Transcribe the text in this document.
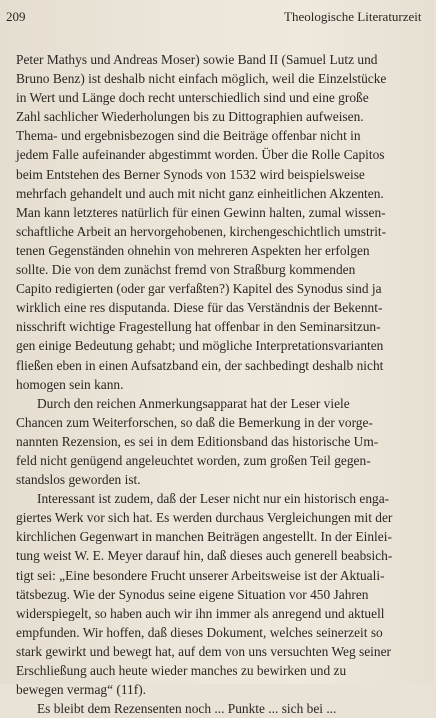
209	Theologische Literaturzeit
Peter Mathys und Andreas Moser) sowie Band II (Samuel Lutz und
Bruno Benz) ist deshalb nicht einfach möglich, weil die Einzelstücke
in Wert und Länge doch recht unterschiedlich sind und eine große
Zahl sachlicher Wiederholungen bis zu Dittographien aufweisen.
Thema- und ergebnisbezogen sind die Beiträge offenbar nicht in
jedem Falle aufeinander abgestimmt worden. Über die Rolle Capitos
beim Entstehen des Berner Synods von 1532 wird beispielsweise
mehrfach gehandelt und auch mit nicht ganz einheitlichen Akzenten.
Man kann letzteres natürlich für einen Gewinn halten, zumal wissen-
schaftliche Arbeit an hervorgehobenen, kirchengeschichtlich umstrit-
tenen Gegenständen ohnehin von mehreren Aspekten her erfolgen
sollte. Die von dem zunächst fremd von Straßburg kommenden
Capito redigierten (oder gar verfaßten?) Kapitel des Synodus sind ja
wirklich eine res disputanda. Diese für das Verständnis der Bekennt-
nisschrift wichtige Fragestellung hat offenbar in den Seminarsitzun-
gen einige Bedeutung gehabt; und mögliche Interpretationsvarianten
fließen eben in einen Aufsatzband ein, der sachbedingt deshalb nicht
homogen sein kann.
Durch den reichen Anmerkungsapparat hat der Leser viele
Chancen zum Weiterforschen, so daß die Bemerkung in der vorge-
nannten Rezension, es sei in dem Editionsband das historische Um-
feld nicht genügend angeleuchtet worden, zum großen Teil gegen-
standslos geworden ist.
Interessant ist zudem, daß der Leser nicht nur ein historisch enga-
giertes Werk vor sich hat. Es werden durchaus Vergleichungen mit der
kirchlichen Gegenwart in manchen Beiträgen angestellt. In der Einlei-
tung weist W. E. Meyer darauf hin, daß dieses auch generell beabsich-
tigt sei: „Eine besondere Frucht unserer Arbeitsweise ist der Aktuali-
tätsbezug. Wie der Synodus seine eigene Situation vor 450 Jahren
widerspiegelt, so haben auch wir ihn immer als anregend und aktuell
empfunden. Wir hoffen, daß dieses Dokument, welches seinerzeit so
stark gewirkt und bewegt hat, auf dem von uns versuchten Weg seiner
Erschließung auch heute wieder manches zu bewirken und zu
bewegen vermag“ (11f).
Es bleibt dem Rezensenten noch ... Punkte ... sich bei ...
